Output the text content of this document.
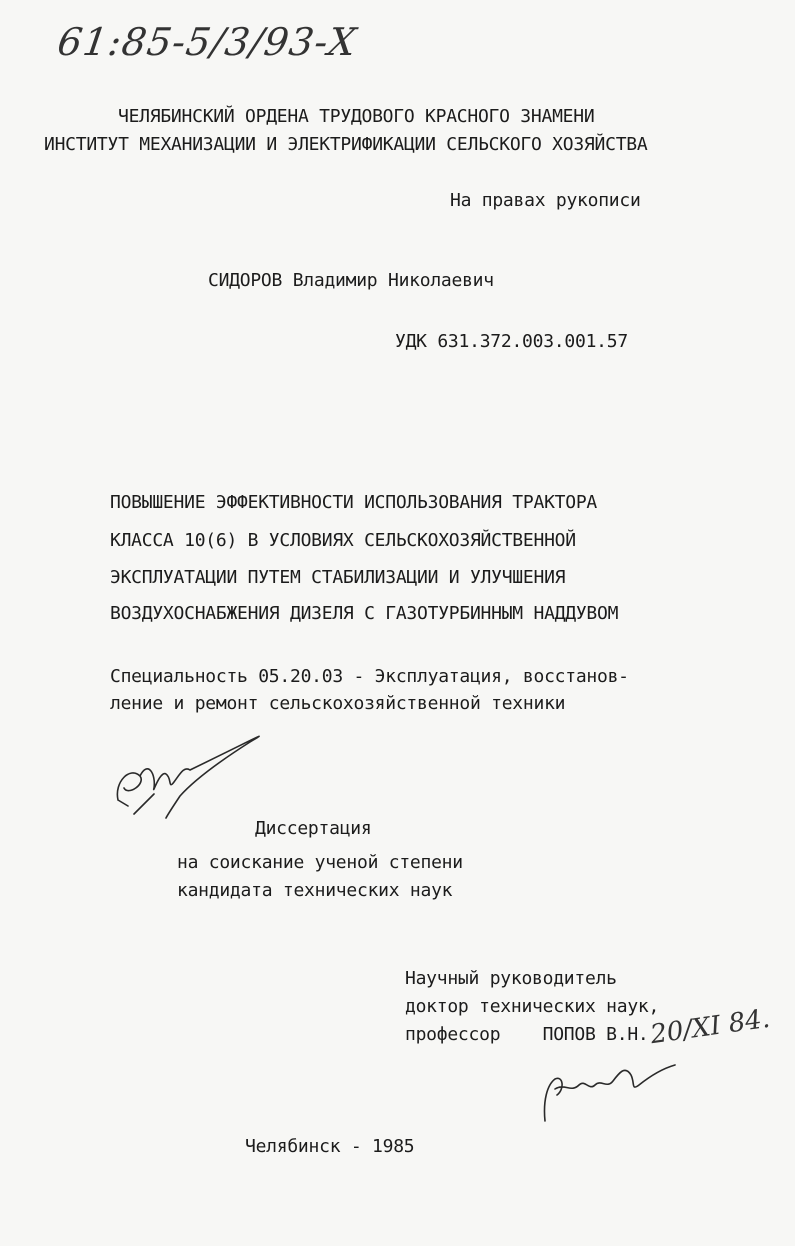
61:85-5/3/93-Х
ЧЕЛЯБИНСКИЙ ОРДЕНА ТРУДОВОГО КРАСНОГО ЗНАМЕНИ
ИНСТИТУТ МЕХАНИЗАЦИИ И ЭЛЕКТРИФИКАЦИИ СЕЛЬСКОГО ХОЗЯЙСТВА
На правах рукописи
СИДОРОВ Владимир Николаевич
УДК 631.372.003.001.57
ПОВЫШЕНИЕ ЭФФЕКТИВНОСТИ ИСПОЛЬЗОВАНИЯ ТРАКТОРА
КЛАССА 10(6) В УСЛОВИЯХ СЕЛЬСКОХОЗЯЙСТВЕННОЙ
ЭКСПЛУАТАЦИИ ПУТЕМ СТАБИЛИЗАЦИИ И УЛУЧШЕНИЯ
ВОЗДУХОСНАБЖЕНИЯ ДИЗЕЛЯ С ГАЗОТУРБИННЫМ НАДДУВОМ
Специальность 05.20.03 - Эксплуатация, восстанов-
ление и ремонт сельскохозяйственной техники
Диссертация
на соискание ученой степени
кандидата технических наук
Научный руководитель
доктор технических наук,
профессор    ПОПОВ В.Н. 20/XI 84.
Челябинск - 1985
